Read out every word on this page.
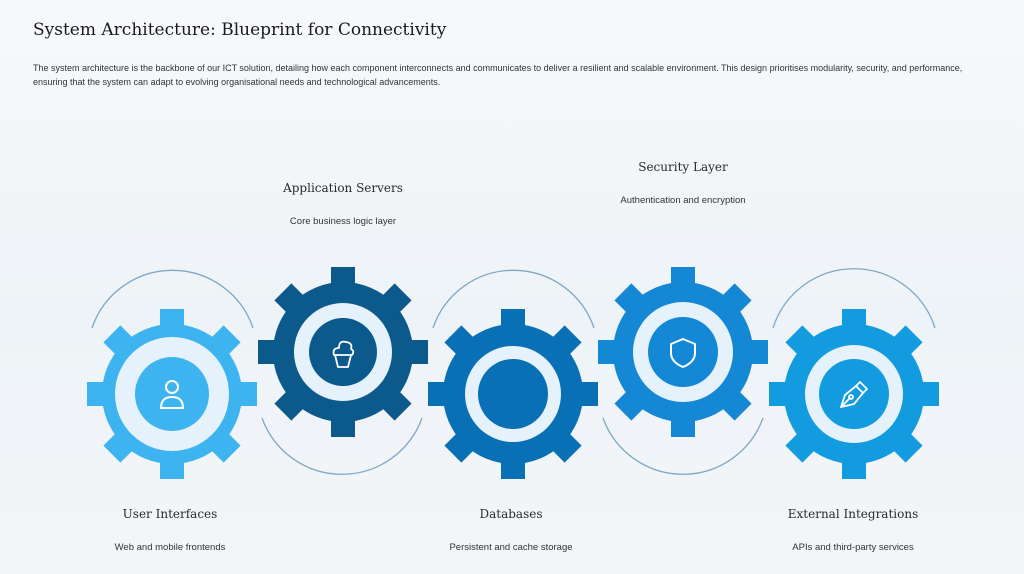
System Architecture: Blueprint for Connectivity

The system architecture is the backbone of our ICT solution, detailing how each component interconnects and communicates to deliver a resilient and scalable environment. This design prioritises modularity, security, and performance, ensuring that the system can adapt to evolving organisational needs and technological advancements.

User Interfaces
Web and mobile frontends
Application Servers
Core business logic layer
Databases
Persistent and cache storage
Security Layer
Authentication and encryption
External Integrations
APIs and third-party services
